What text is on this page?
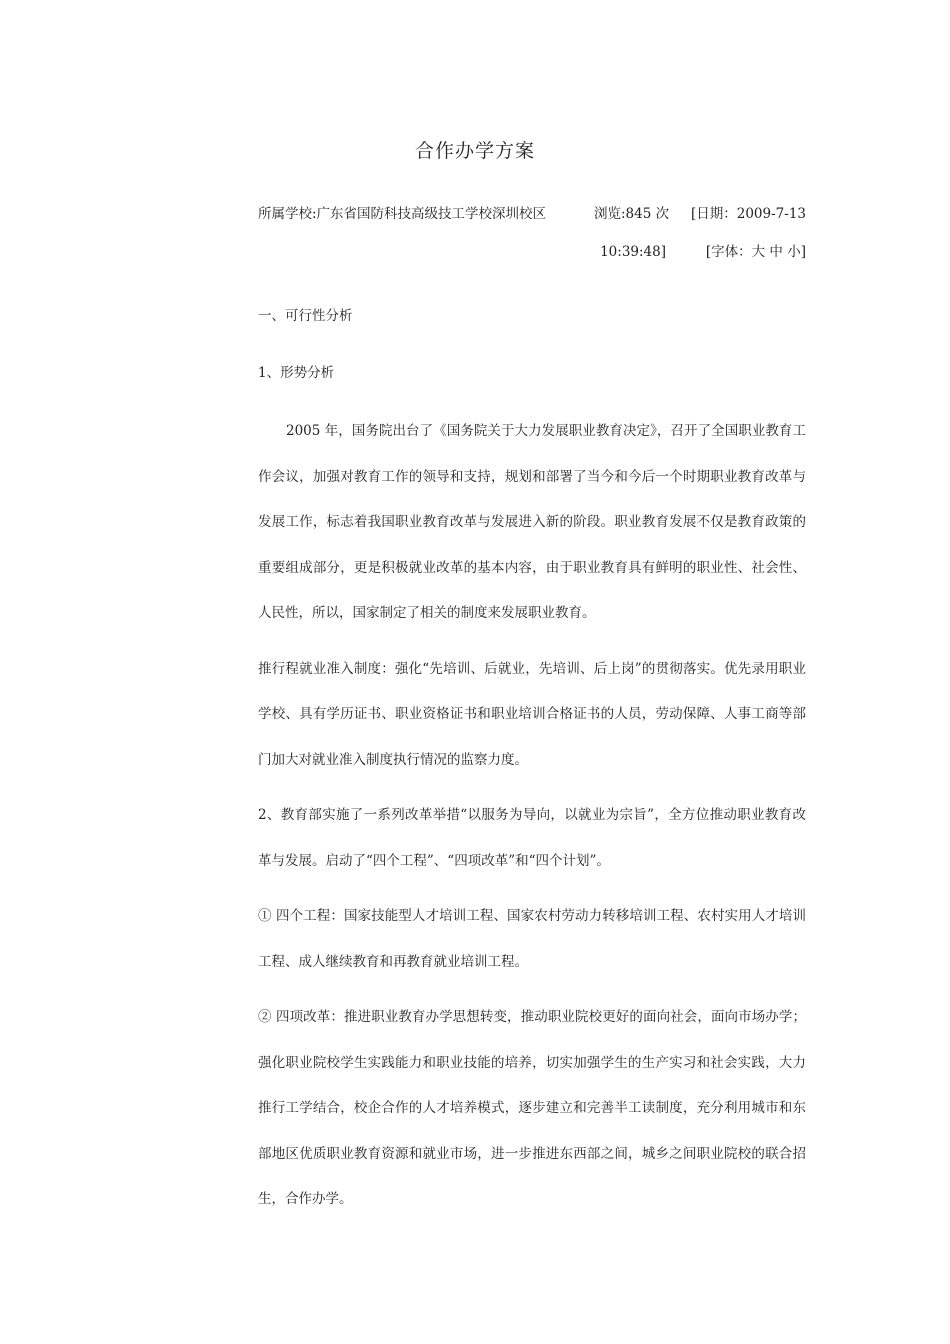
合作办学方案
所属学校:广东省国防科技高级技工学校深圳校区	浏览:845 次 [日期：2009-7-13
10:39:48]	[字体：大 中 小]

一、可行性分析

1、形势分析

2005 年，国务院出台了《国务院关于大力发展职业教育决定》，召开了全国职业教育工作会议，加强对教育工作的领导和支持，规划和部署了当今和今后一个时期职业教育改革与发展工作，标志着我国职业教育改革与发展进入新的阶段。职业教育发展不仅是教育政策的重要组成部分，更是积极就业改革的基本内容，由于职业教育具有鲜明的职业性、社会性、人民性，所以，国家制定了相关的制度来发展职业教育。

推行程就业准入制度：强化“先培训、后就业，先培训、后上岗”的贯彻落实。优先录用职业学校、具有学历证书、职业资格证书和职业培训合格证书的人员，劳动保障、人事工商等部门加大对就业准入制度执行情况的监察力度。

2、教育部实施了一系列改革举措“以服务为导向，以就业为宗旨”，全方位推动职业教育改革与发展。启动了“四个工程”、“四项改革”和“四个计划”。

① 四个工程：国家技能型人才培训工程、国家农村劳动力转移培训工程、农村实用人才培训工程、成人继续教育和再教育就业培训工程。

② 四项改革：推进职业教育办学思想转变，推动职业院校更好的面向社会，面向市场办学；强化职业院校学生实践能力和职业技能的培养，切实加强学生的生产实习和社会实践，大力推行工学结合，校企合作的人才培养模式，逐步建立和完善半工读制度，充分利用城市和东部地区优质职业教育资源和就业市场，进一步推进东西部之间，城乡之间职业院校的联合招生，合作办学。
